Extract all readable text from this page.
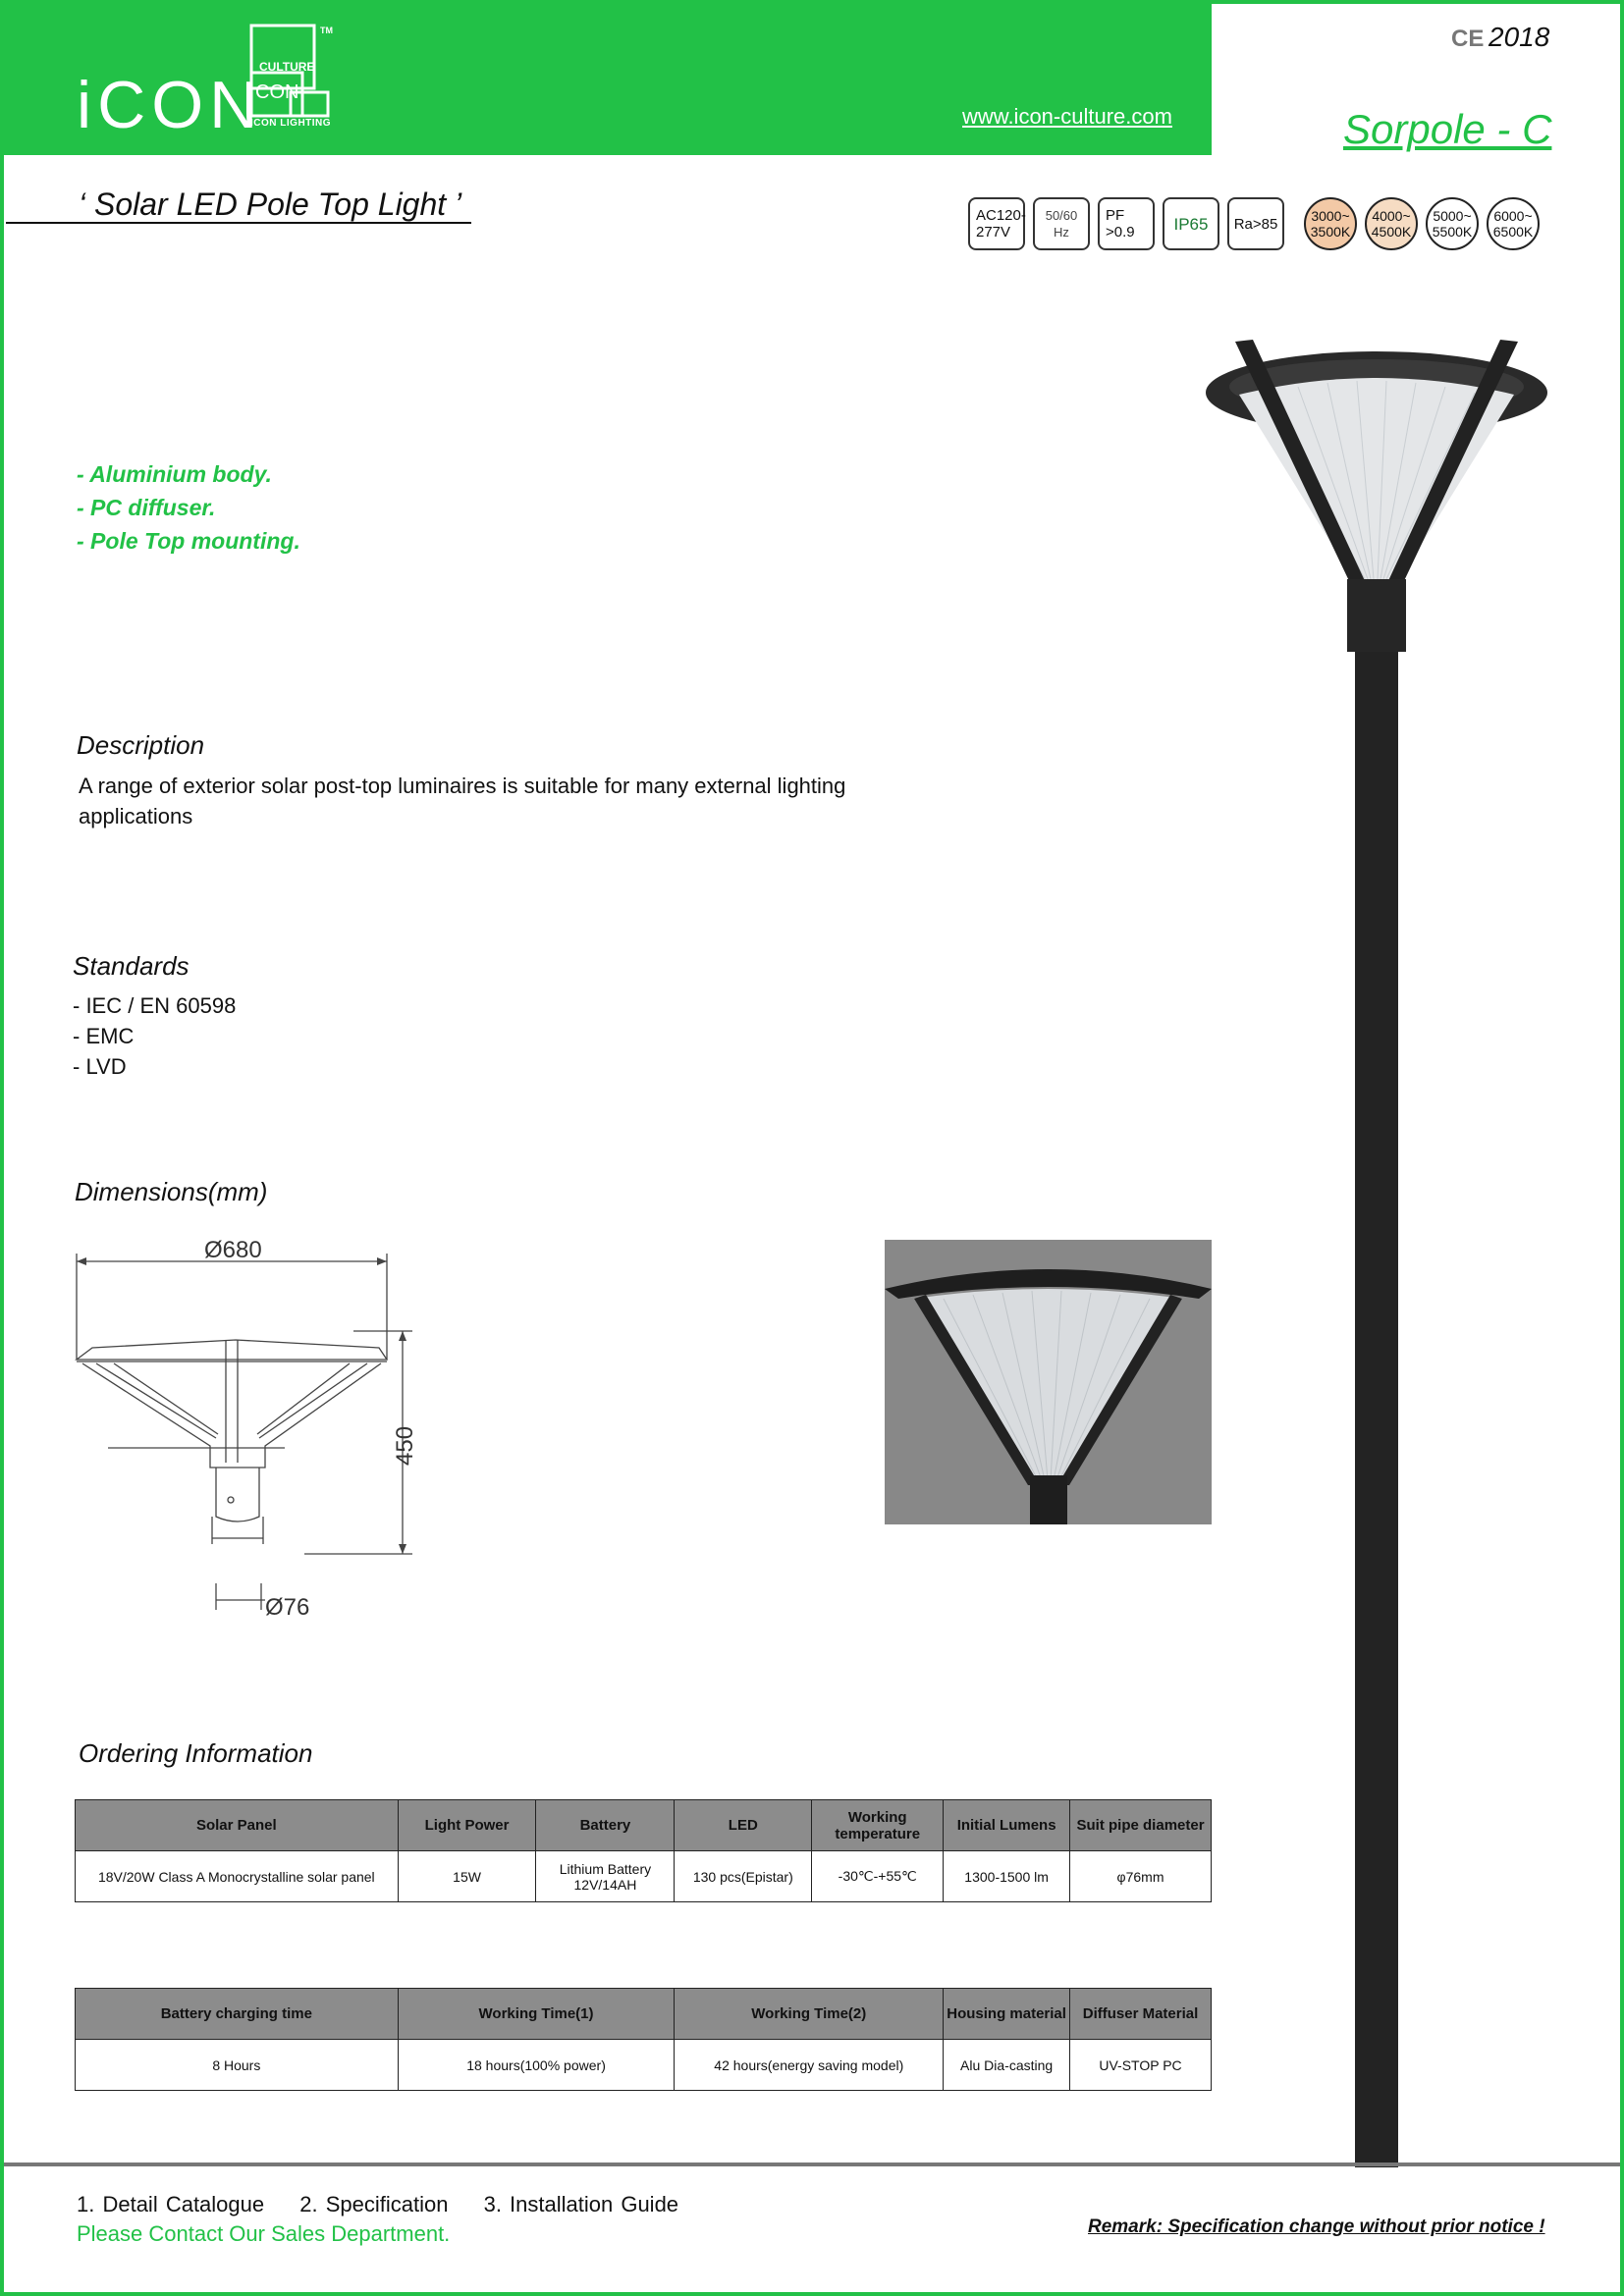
iCON
CULTURE
CON
TM
ICON LIGHTING	www.icon-culture.com
CE 2018
Sorpole - C
‘ Solar LED Pole Top Light ’	AC120-
277V
50/60
Hz
PF
>0.9	IP65 Ra>85 3000~
3500K
4000~
4500K
5000~
5500K
6000~
6500K
- Aluminium body.
- PC diffuser.
- Pole Top mounting.
Description
A range of exterior solar post-top luminaires is suitable for many external lighting applications
Standards
- IEC / EN 60598
- EMC
- LVD
Dimensions(mm)
Ø680
450
Ø76
Ordering Information
Solar Panel	Light Power	Battery	LED	Working temperature	Initial Lumens	Suit pipe diameter
18V/20W Class A Monocrystalline solar panel	15W	Lithium Battery 12V/14AH	130 pcs(Epistar)	-30℃-+55℃	1300-1500 lm	φ76mm
Battery charging time	Working Time(1)	Working Time(2)	Housing material	Diffuser Material
8 Hours	18 hours(100% power)	42 hours(energy saving model)	Alu Dia-casting	UV-STOP PC
1. Detail Catalogue 2. Specification 3. Installation Guide
Please Contact Our Sales Department.	Remark: Specification change without prior notice !
